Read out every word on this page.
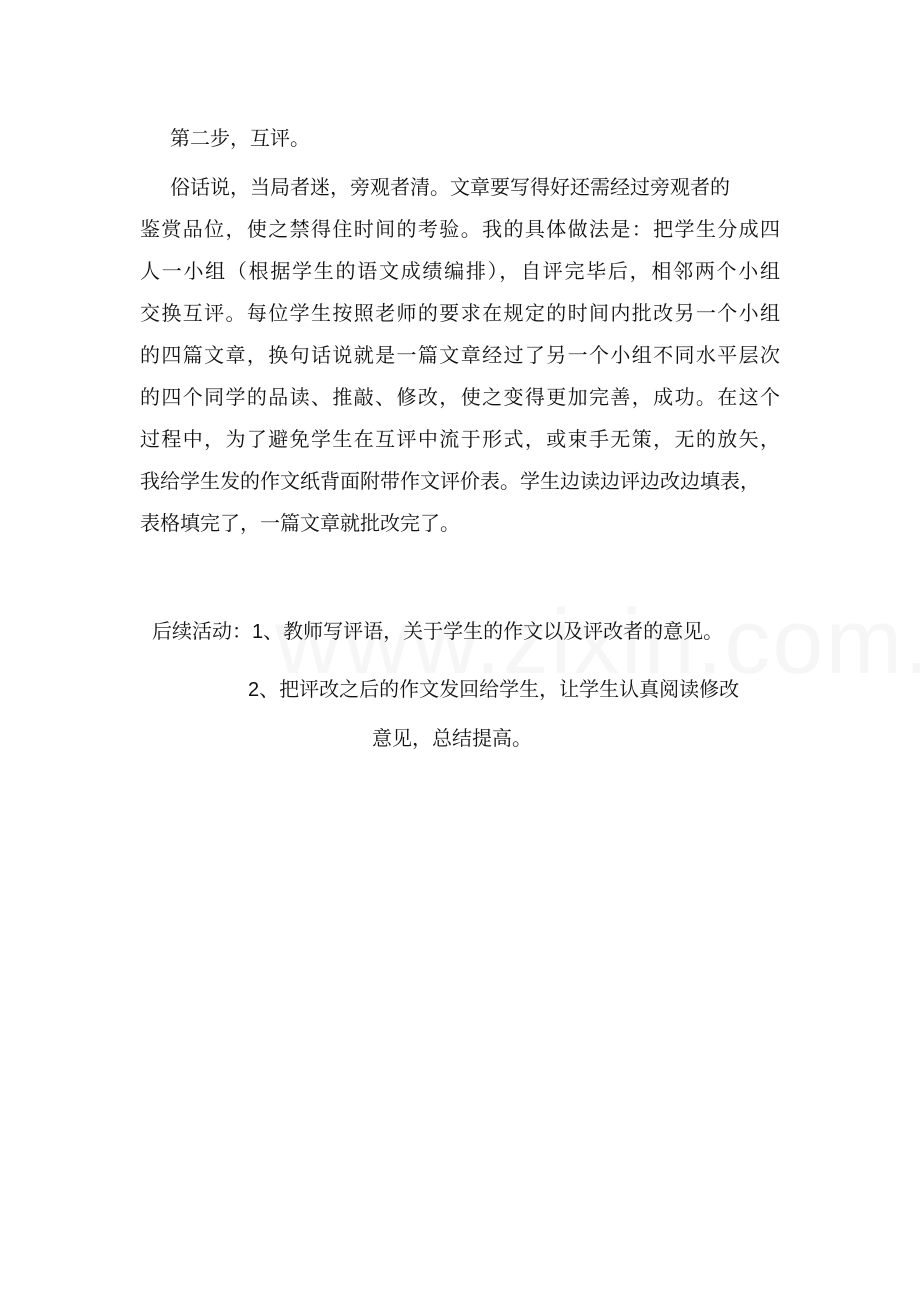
第二步，互评。
俗话说，当局者迷，旁观者清。文章要写得好还需经过旁观者的
鉴赏品位，使之禁得住时间的考验。我的具体做法是：把学生分成四
人一小组（根据学生的语文成绩编排），自评完毕后，相邻两个小组
交换互评。每位学生按照老师的要求在规定的时间内批改另一个小组
的四篇文章，换句话说就是一篇文章经过了另一个小组不同水平层次
的四个同学的品读、推敲、修改，使之变得更加完善，成功。在这个
过程中，为了避免学生在互评中流于形式，或束手无策，无的放矢，
我给学生发的作文纸背面附带作文评价表。学生边读边评边改边填表，
表格填完了，一篇文章就批改完了。
后续活动：1、教师写评语，关于学生的作文以及评改者的意见。
2、把评改之后的作文发回给学生，让学生认真阅读修改
意见，总结提高。
